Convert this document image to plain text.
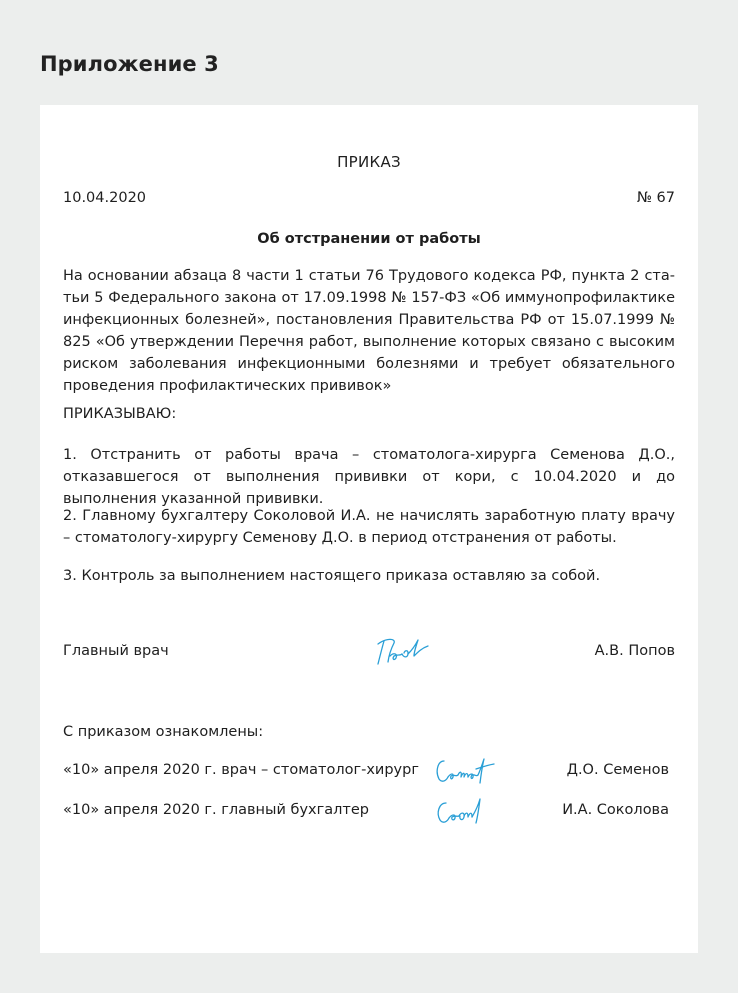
Приложение 3
ПРИКАЗ
10.04.2020	№ 67
Об отстранении от работы

На основании абзаца 8 части 1 статьи 76 Трудового кодекса РФ, пункта 2 статьи 5 Федерального закона от 17.09.1998 № 157-ФЗ «Об иммунопрофилактике инфекционных болезней», постановления Правительства РФ от 15.07.1999 № 825 «Об утверждении Перечня работ, выполнение которых связано с высоким риском заболевания инфекционными болезнями и требует обязательного проведения профилактических прививок»

ПРИКАЗЫВАЮ:

1. Отстранить от работы врача – стоматолога-хирурга Семенова Д.О., отказавшегося от выполнения прививки от кори, с 10.04.2020 и до выполнения указанной прививки.

2. Главному бухгалтеру Соколовой И.А. не начислять заработную плату врачу – стоматологу-хирургу Семенову Д.О. в период отстранения от работы.

3. Контроль за выполнением настоящего приказа оставляю за собой.

Главный врач	А.В. Попов

С приказом ознакомлены:

«10» апреля 2020 г. врач – стоматолог-хирург	Д.О. Семенов
«10» апреля 2020 г. главный бухгалтер	И.А. Соколова
